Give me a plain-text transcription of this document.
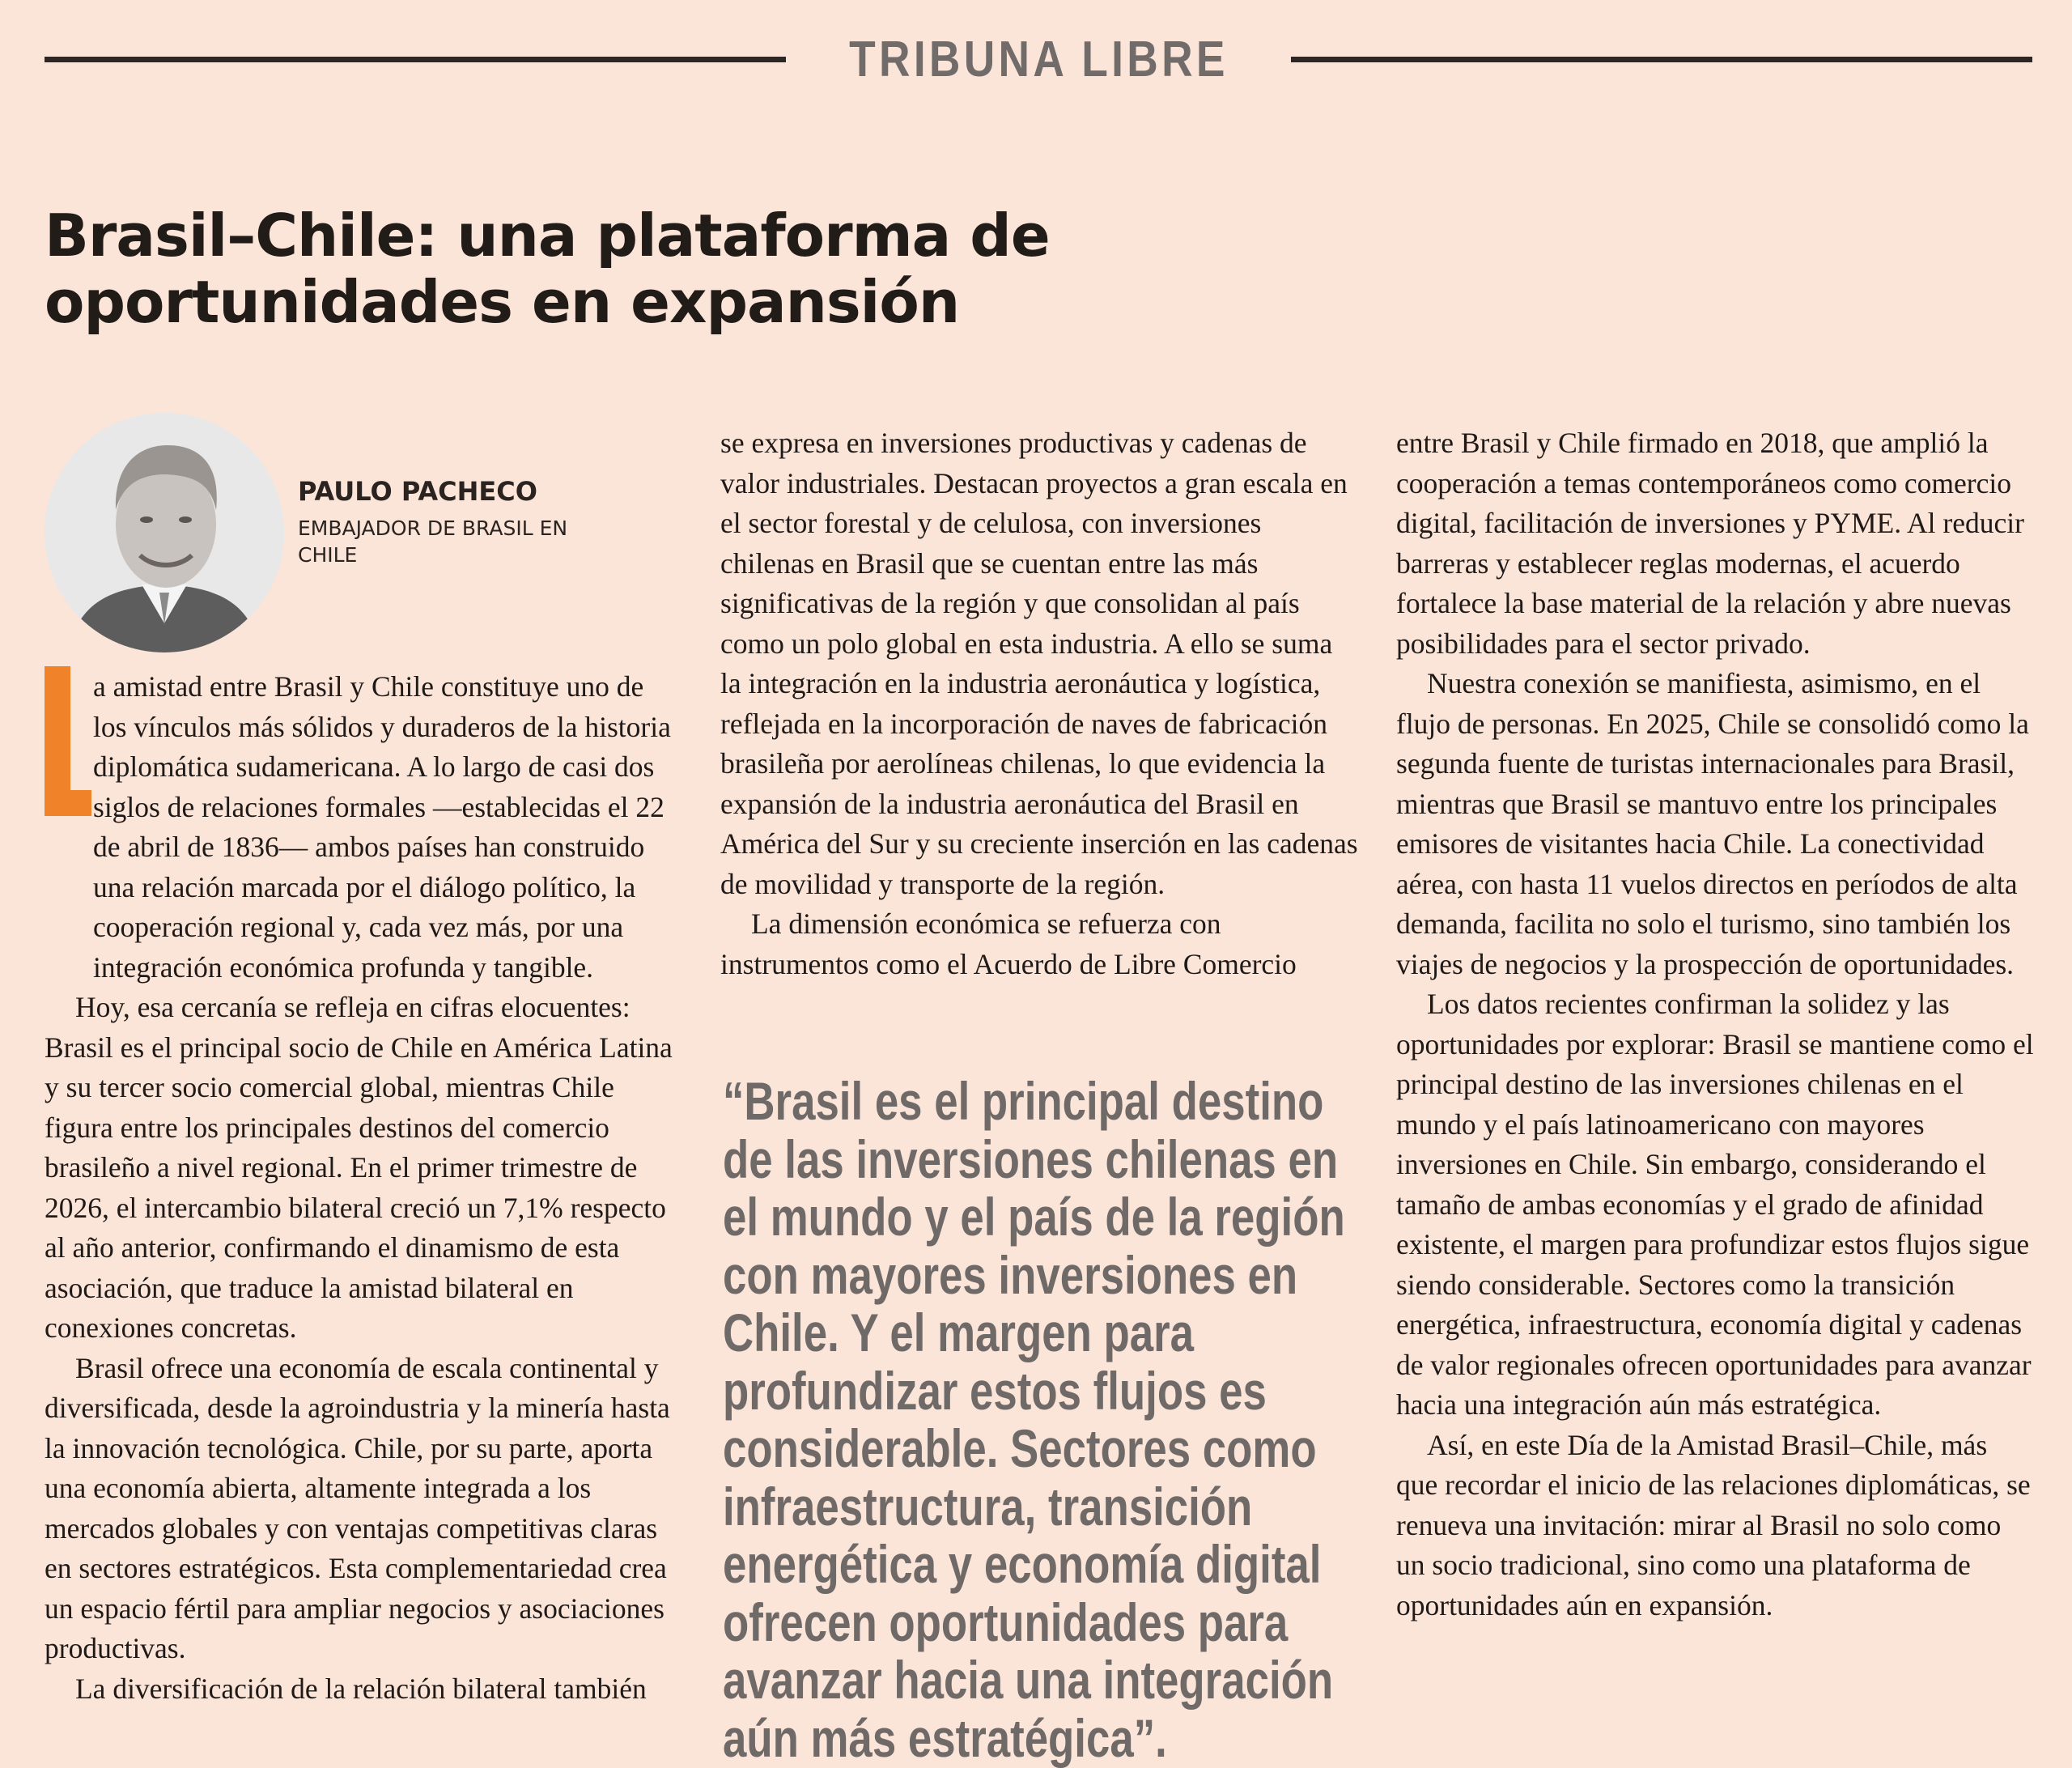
TRIBUNA LIBRE
Brasil–Chile: una plataforma de oportunidades en expansión

PAULO PACHECO

EMBAJADOR DE BRASIL EN CHILE

a amistad entre Brasil y Chile constituye uno de los vínculos más sólidos y duraderos de la historia diplomática sudamericana. A lo largo de casi dos siglos de relaciones formales —establecidas el 22 de abril de 1836— ambos países han construido una relación marcada por el diálogo político, la cooperación regional y, cada vez más, por una integración económica profunda y tangible.

Hoy, esa cercanía se refleja en cifras elocuentes: Brasil es el principal socio de Chile en América Latina y su tercer socio comercial global, mientras Chile figura entre los principales destinos del comercio brasileño a nivel regional. En el primer trimestre de 2026, el intercambio bilateral creció un 7,1% respecto al año anterior, confirmando el dinamismo de esta asociación, que traduce la amistad bilateral en conexiones concretas.

Brasil ofrece una economía de escala continental y diversificada, desde la agroindustria y la minería hasta la innovación tecnológica. Chile, por su parte, aporta una economía abierta, altamente integrada a los mercados globales y con ventajas competitivas claras en sectores estratégicos. Esta complementariedad crea un espacio fértil para ampliar negocios y asociaciones productivas.

La diversificación de la relación bilateral también

se expresa en inversiones productivas y cadenas de valor industriales. Destacan proyectos a gran escala en el sector forestal y de celulosa, con inversiones chilenas en Brasil que se cuentan entre las más significativas de la región y que consolidan al país como un polo global en esta industria. A ello se suma la integración en la industria aeronáutica y logística, reflejada en la incorporación de naves de fabricación brasileña por aerolíneas chilenas, lo que evidencia la expansión de la industria aeronáutica del Brasil en América del Sur y su creciente inserción en las cadenas de movilidad y transporte de la región.

La dimensión económica se refuerza con instrumentos como el Acuerdo de Libre Comercio

“Brasil es el principal destino de las inversiones chilenas en el mundo y el país de la región con mayores inversiones en Chile. Y el margen para profundizar estos flujos es considerable. Sectores como infraestructura, transición energética y economía digital ofrecen oportunidades para avanzar hacia una integración aún más estratégica”.

entre Brasil y Chile firmado en 2018, que amplió la cooperación a temas contemporáneos como comercio digital, facilitación de inversiones y PYME. Al reducir barreras y establecer reglas modernas, el acuerdo fortalece la base material de la relación y abre nuevas posibilidades para el sector privado.

Nuestra conexión se manifiesta, asimismo, en el flujo de personas. En 2025, Chile se consolidó como la segunda fuente de turistas internacionales para Brasil, mientras que Brasil se mantuvo entre los principales emisores de visitantes hacia Chile. La conectividad aérea, con hasta 11 vuelos directos en períodos de alta demanda, facilita no solo el turismo, sino también los viajes de negocios y la prospección de oportunidades.

Los datos recientes confirman la solidez y las oportunidades por explorar: Brasil se mantiene como el principal destino de las inversiones chilenas en el mundo y el país latinoamericano con mayores inversiones en Chile. Sin embargo, considerando el tamaño de ambas economías y el grado de afinidad existente, el margen para profundizar estos flujos sigue siendo considerable. Sectores como la transición energética, infraestructura, economía digital y cadenas de valor regionales ofrecen oportunidades para avanzar hacia una integración aún más estratégica.

Así, en este Día de la Amistad Brasil–Chile, más que recordar el inicio de las relaciones diplomáticas, se renueva una invitación: mirar al Brasil no solo como un socio tradicional, sino como una plataforma de oportunidades aún en expansión.
